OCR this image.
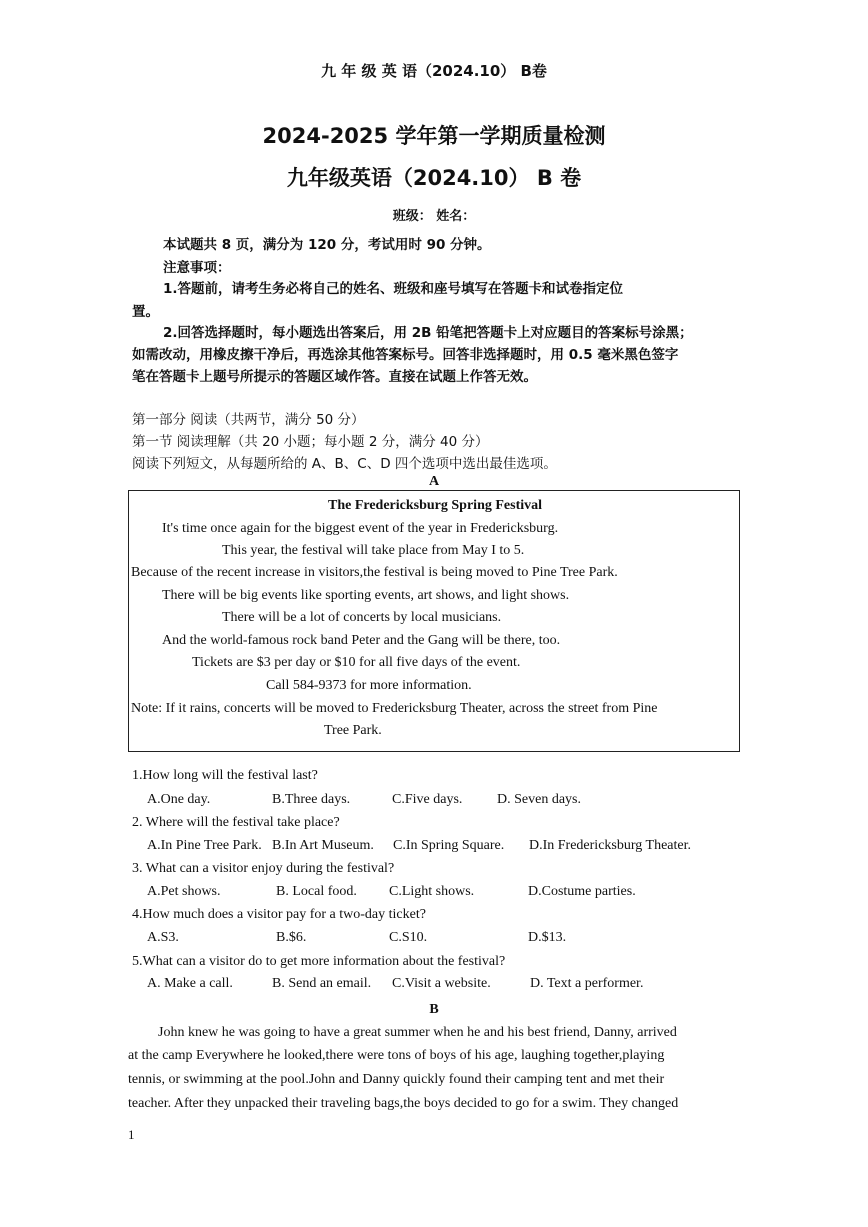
九 年 级 英 语（2024.10） B卷
2024-2025 学年第一学期质量检测
九年级英语（2024.10） B 卷
班级： 姓名：
本试题共 8 页，满分为 120 分，考试用时 90 分钟。
注意事项：
1.答题前，请考生务必将自己的姓名、班级和座号填写在答题卡和试卷指定位
置。
2.回答选择题时，每小题选出答案后，用 2B 铅笔把答题卡上对应题目的答案标号涂黑；
如需改动，用橡皮擦干净后，再选涂其他答案标号。回答非选择题时，用 0.5 毫米黑色签字
笔在答题卡上题号所提示的答题区域作答。直接在试题上作答无效。
第一部分 阅读（共两节，满分 50 分）
第一节 阅读理解（共 20 小题；每小题 2 分，满分 40 分）
阅读下列短文，从每题所给的 A、B、C、D 四个选项中选出最佳选项。
A
The Fredericksburg Spring Festival
It's time once again for the biggest event of the year in Fredericksburg.
This year, the festival will take place from May I to 5.
Because of the recent increase in visitors,the festival is being moved to Pine Tree Park.
There will be big events like sporting events, art shows, and light shows.
There will be a lot of concerts by local musicians.
And the world-famous rock band Peter and the Gang will be there, too.
Tickets are $3 per day or $10 for all five days of the event.
Call 584-9373 for more information.
Note: If it rains, concerts will be moved to Fredericksburg Theater, across the street from Pine
Tree Park.
1.How long will the festival last?
A.One day.	B.Three days.	C.Five days. D. Seven days.
2. Where will the festival take place?
A.In Pine Tree Park. B.In Art Museum. C.In Spring Square. D.In Fredericksburg Theater.
3. What can a visitor enjoy during the festival?
A.Pet shows.	B. Local food. C.Light shows.	D.Costume parties.
4.How much does a visitor pay for a two-day ticket?
A.S3.	B.$6.	C.S10.	D.$13.
5.What can a visitor do to get more information about the festival?
A. Make a call.	B. Send an email. C.Visit a website.	D. Text a performer.
B
John knew he was going to have a great summer when he and his best friend, Danny, arrived
at the camp Everywhere he looked,there were tons of boys of his age, laughing together,playing
tennis, or swimming at the pool.John and Danny quickly found their camping tent and met their
teacher. After they unpacked their traveling bags,the boys decided to go for a swim. They changed
1
